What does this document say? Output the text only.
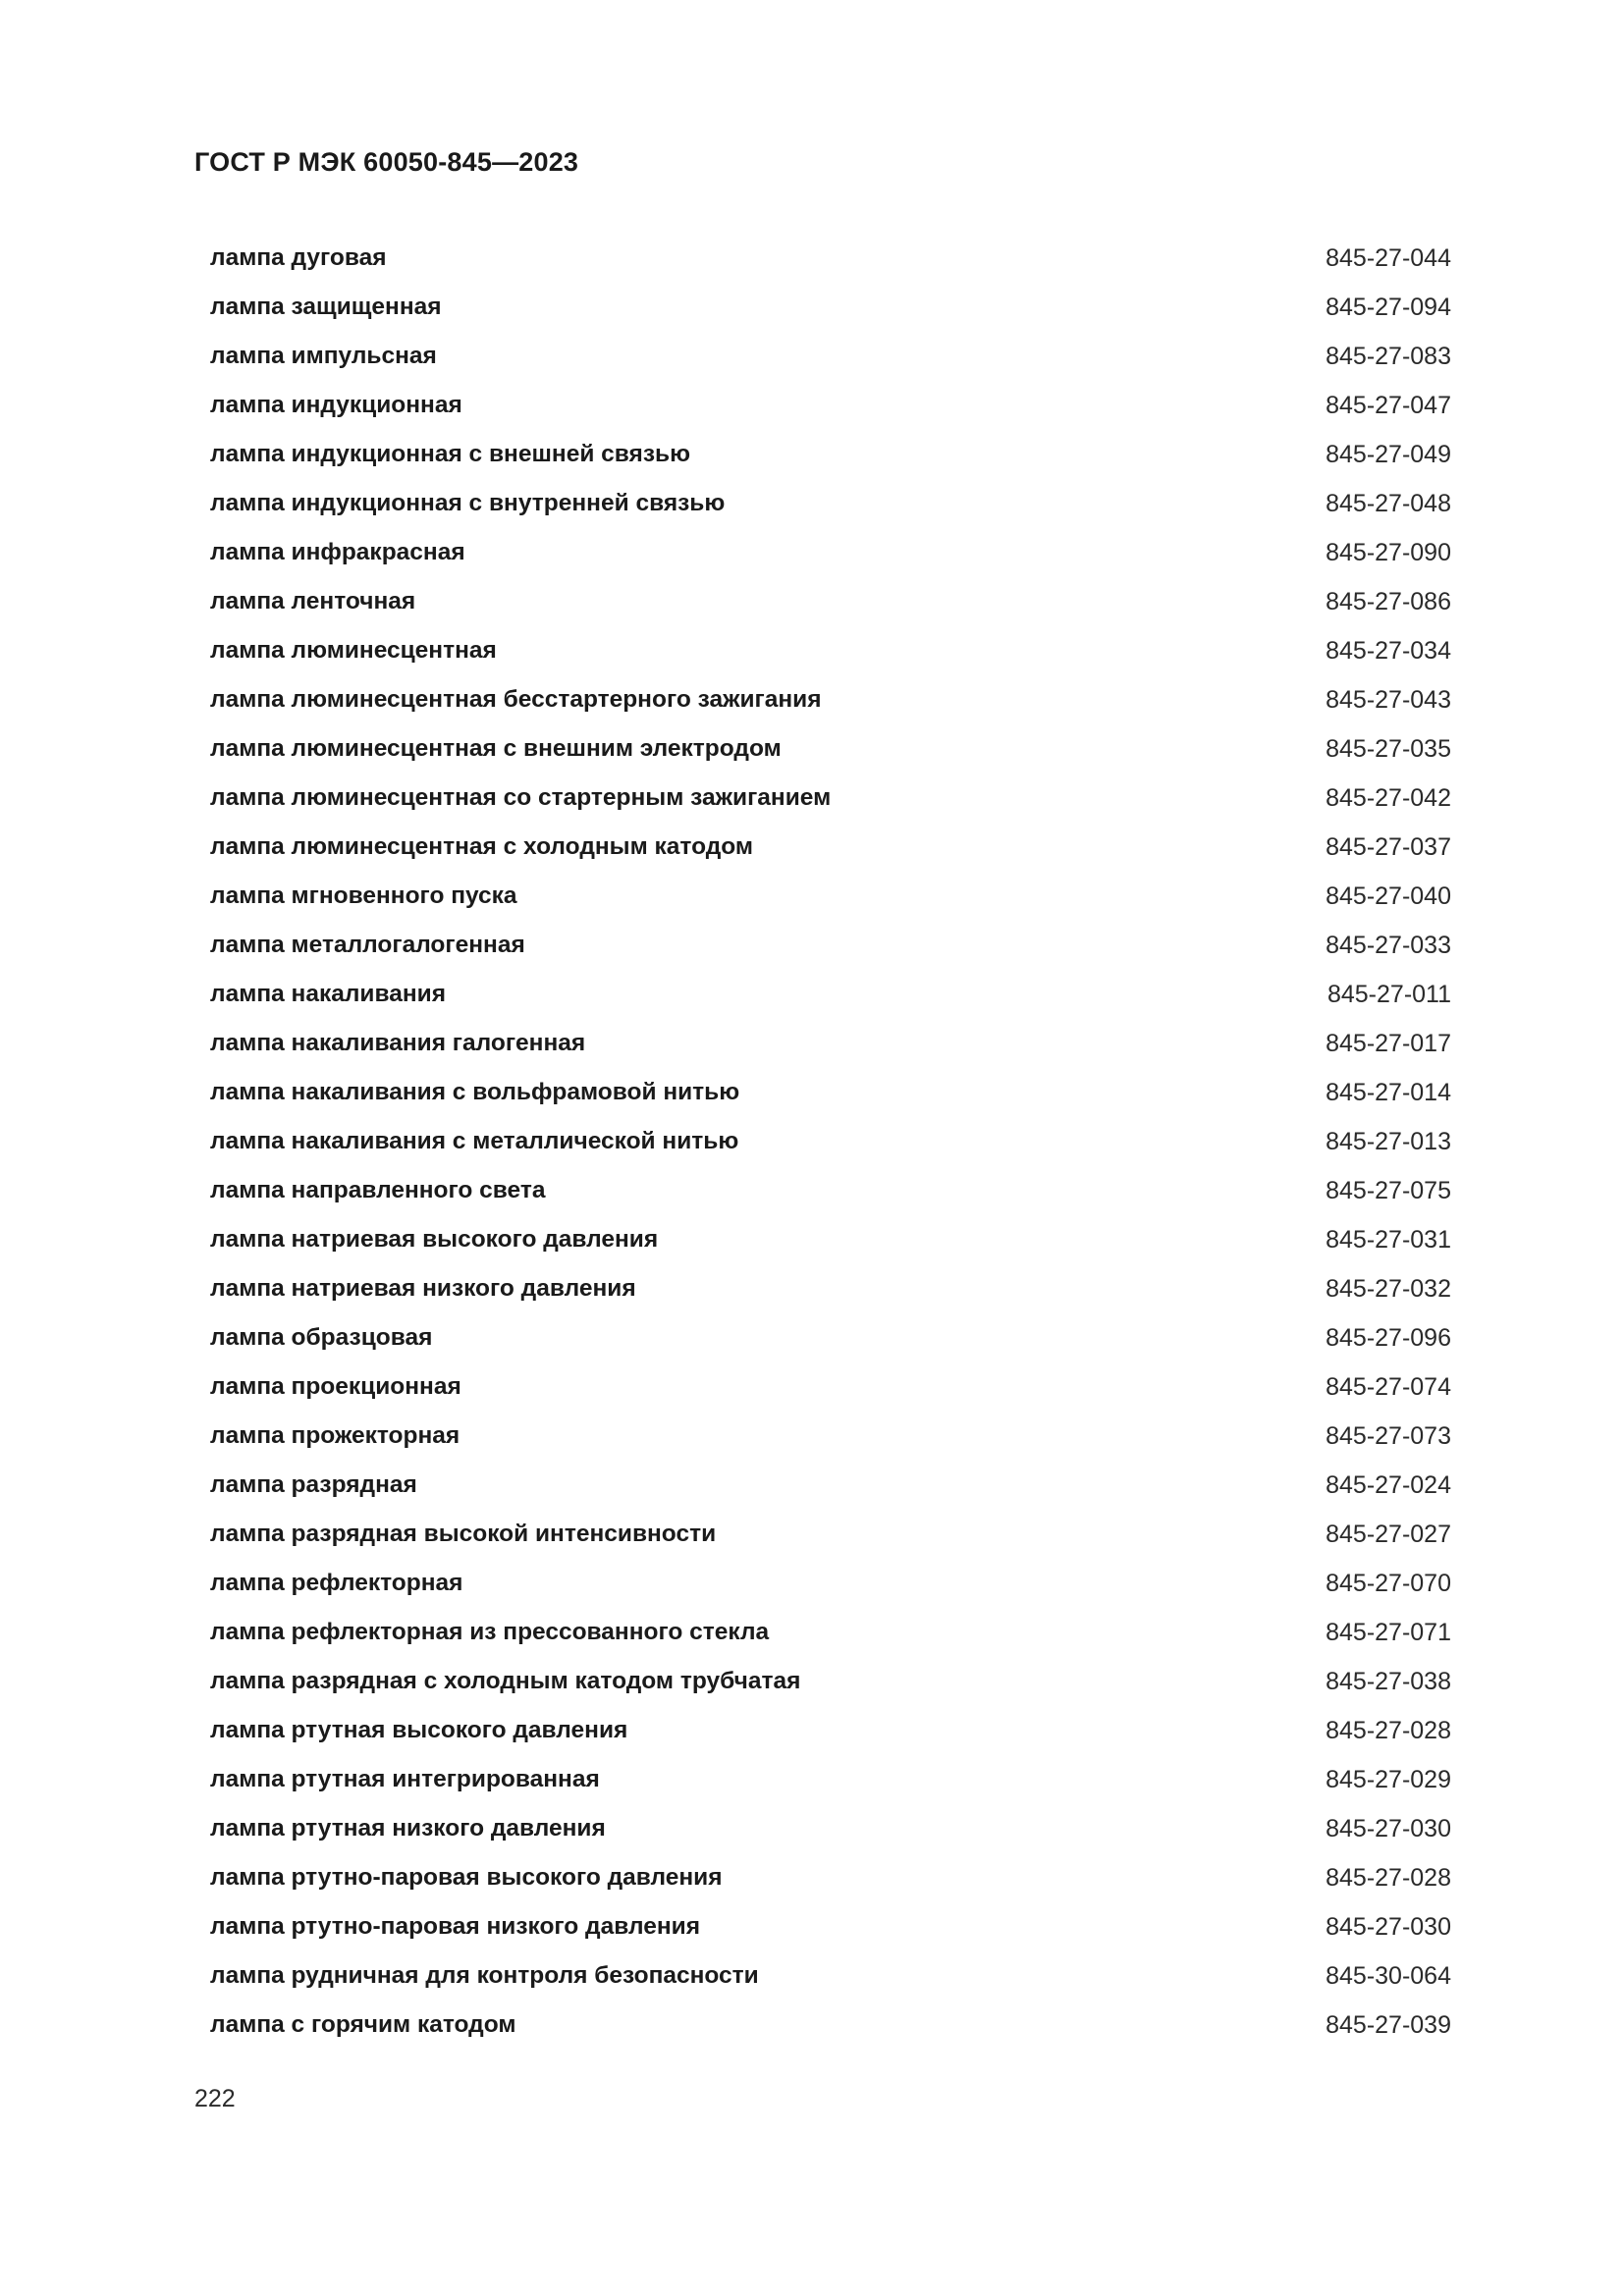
ГОСТ Р МЭК 60050-845—2023
лампа дуговая	845-27-044
лампа защищенная	845-27-094
лампа импульсная	845-27-083
лампа индукционная	845-27-047
лампа индукционная с внешней связью	845-27-049
лампа индукционная с внутренней связью	845-27-048
лампа инфракрасная	845-27-090
лампа ленточная	845-27-086
лампа люминесцентная	845-27-034
лампа люминесцентная бесстартерного зажигания	845-27-043
лампа люминесцентная с внешним электродом	845-27-035
лампа люминесцентная со стартерным зажиганием	845-27-042
лампа люминесцентная с холодным катодом	845-27-037
лампа мгновенного пуска	845-27-040
лампа металлогалогенная	845-27-033
лампа накаливания	845-27-011
лампа накаливания галогенная	845-27-017
лампа накаливания с вольфрамовой нитью	845-27-014
лампа накаливания с металлической нитью	845-27-013
лампа направленного света	845-27-075
лампа натриевая высокого давления	845-27-031
лампа натриевая низкого давления	845-27-032
лампа образцовая	845-27-096
лампа проекционная	845-27-074
лампа прожекторная	845-27-073
лампа разрядная	845-27-024
лампа разрядная высокой интенсивности	845-27-027
лампа рефлекторная	845-27-070
лампа рефлекторная из прессованного стекла	845-27-071
лампа разрядная с холодным катодом трубчатая	845-27-038
лампа ртутная высокого давления	845-27-028
лампа ртутная интегрированная	845-27-029
лампа ртутная низкого давления	845-27-030
лампа ртутно-паровая высокого давления	845-27-028
лампа ртутно-паровая низкого давления	845-27-030
лампа рудничная для контроля безопасности	845-30-064
лампа с горячим катодом	845-27-039
222
